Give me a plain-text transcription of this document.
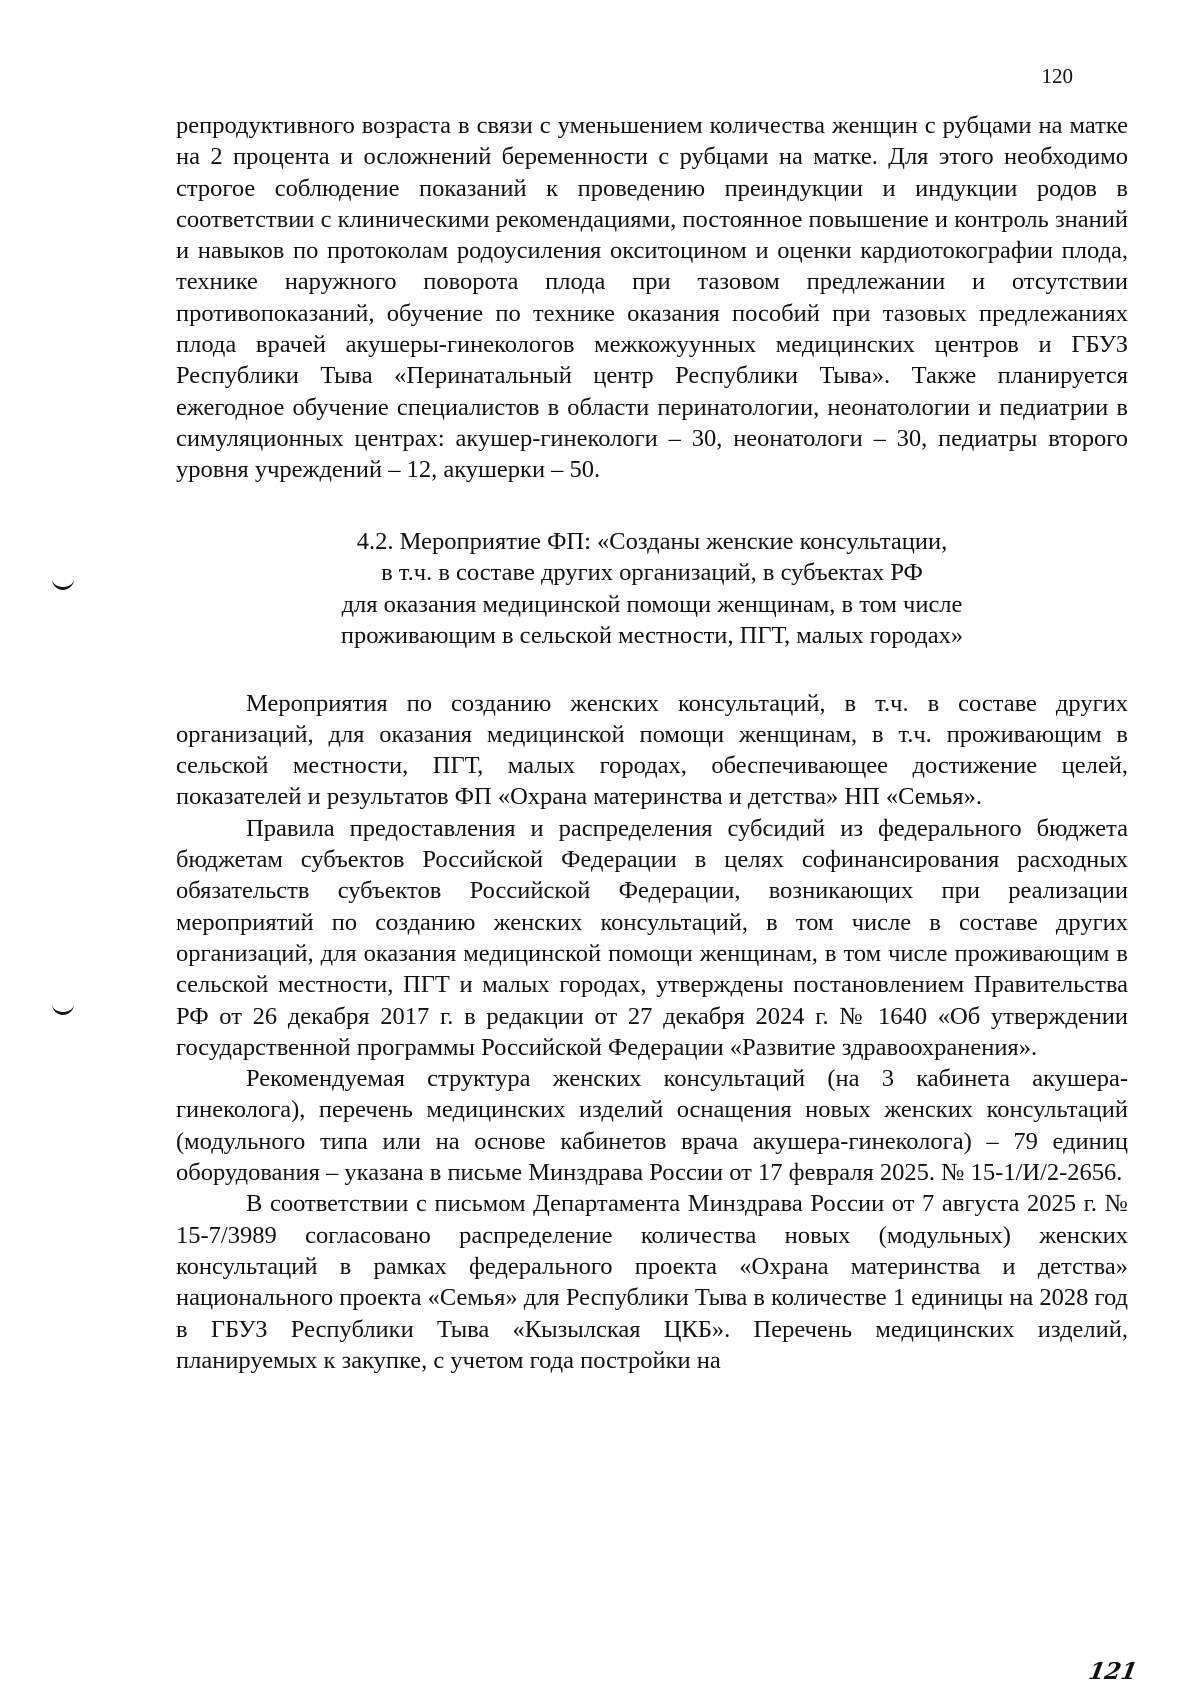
120

репродуктивного возраста в связи с уменьшением количества женщин с рубцами на матке на 2 процента и осложнений беременности с рубцами на матке. Для этого необходимо строгое соблюдение показаний к проведению преиндукции и индукции родов в соответствии с клиническими рекомендациями, постоянное повышение и контроль знаний и навыков по протоколам родоусиления окситоцином и оценки кардиотокографии плода, технике наружного поворота плода при тазовом предлежании и отсутствии противопоказаний, обучение по технике оказания пособий при тазовых предлежаниях плода врачей акушеры-гинекологов межкожуунных медицинских центров и ГБУЗ Республики Тыва «Перинатальный центр Республики Тыва». Также планируется ежегодное обучение специалистов в области перинатологии, неонатологии и педиатрии в симуляционных центрах: акушер-гинекологи – 30, неонатологи – 30, педиатры второго уровня учреждений – 12, акушерки – 50.

4.2. Мероприятие ФП: «Созданы женские консультации,
в т.ч. в составе других организаций, в субъектах РФ
для оказания медицинской помощи женщинам, в том числе
проживающим в сельской местности, ПГТ, малых городах»

Мероприятия по созданию женских консультаций, в т.ч. в составе других организаций, для оказания медицинской помощи женщинам, в т.ч. проживающим в сельской местности, ПГТ, малых городах, обеспечивающее достижение целей, показателей и результатов ФП «Охрана материнства и детства» НП «Семья».

Правила предоставления и распределения субсидий из федерального бюджета бюджетам субъектов Российской Федерации в целях софинансирования расходных обязательств субъектов Российской Федерации, возникающих при реализации мероприятий по созданию женских консультаций, в том числе в составе других организаций, для оказания медицинской помощи женщинам, в том числе проживающим в сельской местности, ПГТ и малых городах, утверждены постановлением Правительства РФ от 26 декабря 2017 г. в редакции от 27 декабря 2024 г. № 1640 «Об утверждении государственной программы Российской Федерации «Развитие здравоохранения».

Рекомендуемая структура женских консультаций (на 3 кабинета акушера-гинеколога), перечень медицинских изделий оснащения новых женских консультаций (модульного типа или на основе кабинетов врача акушера-гинеколога) – 79 единиц оборудования – указана в письме Минздрава России от 17 февраля 2025. № 15-1/И/2-2656.

В соответствии с письмом Департамента Минздрава России от 7 августа 2025 г. № 15-7/3989 согласовано распределение количества новых (модульных) женских консультаций в рамках федерального проекта «Охрана материнства и детства» национального проекта «Семья» для Республики Тыва в количестве 1 единицы на 2028 год в ГБУЗ Республики Тыва «Кызылская ЦКБ». Перечень медицинских изделий, планируемых к закупке, с учетом года постройки на

121
